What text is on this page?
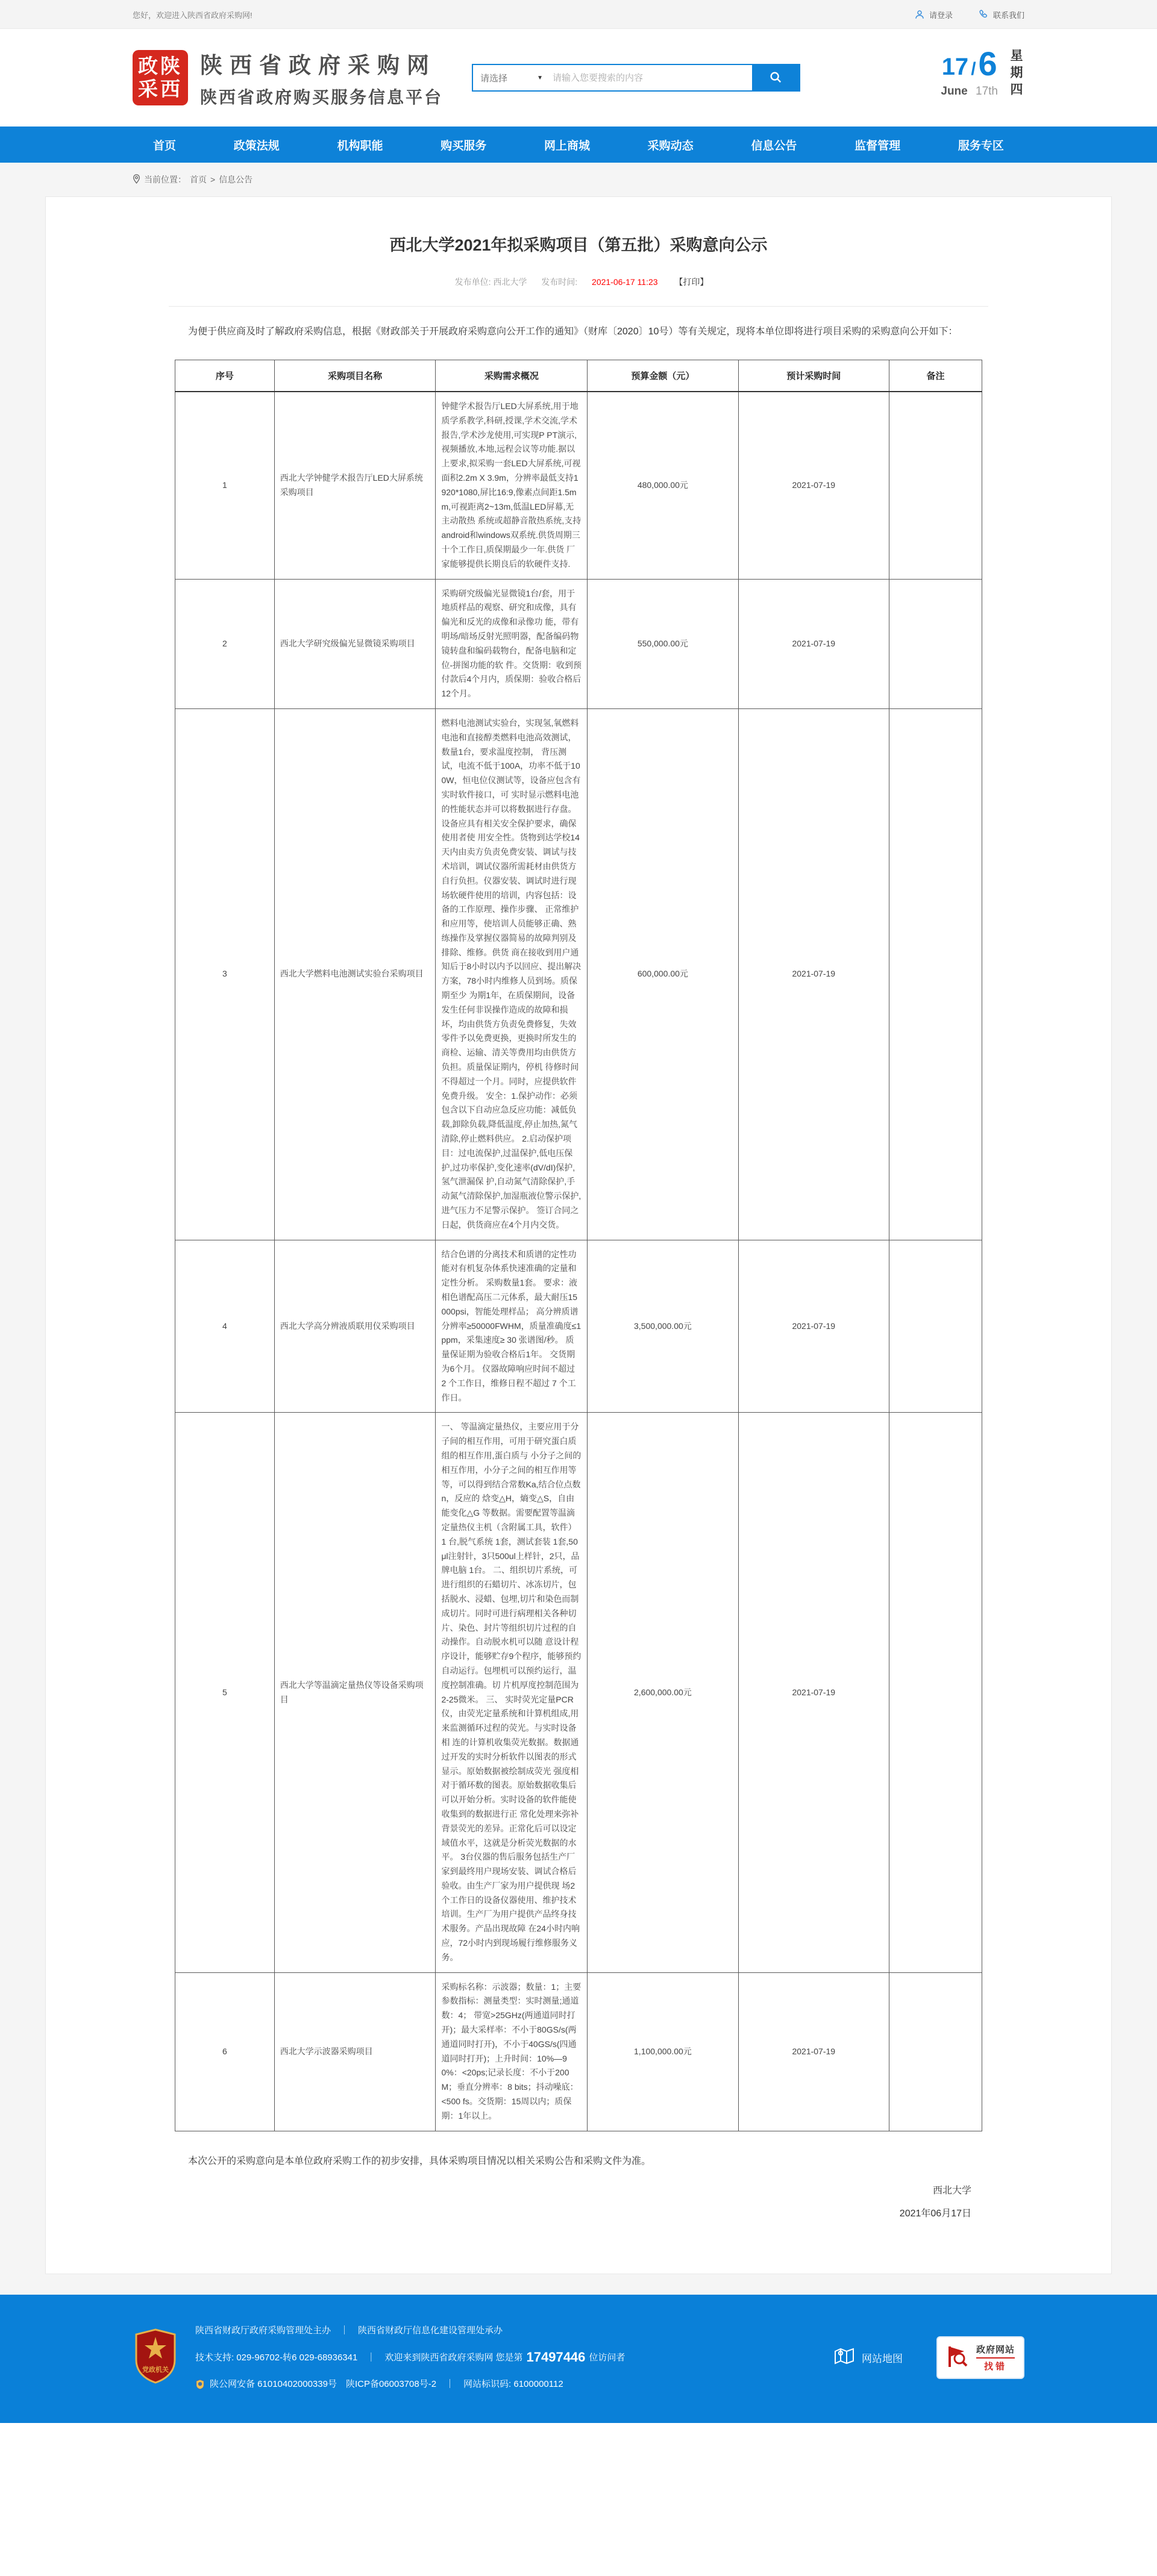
您好，欢迎进入陕西省政府采购网!	请登录	联系我们
政陕
采西
陕西省政府采购网
陕西省政府购买服务信息平台
请选择	▼
请输入您要搜索的内容	17 / 6
June 17th 星期四
首页	政策法规	机构职能	购买服务	网上商城	采购动态	信息公告	监督管理	服务专区
当前位置： 首页 > 信息公告
西北大学2021年拟采购项目（第五批）采购意向公示
发布单位: 西北大学 发布时间: 2021-06-17 11:23 【打印】

为便于供应商及时了解政府采购信息，根据《财政部关于开展政府采购意向公开工作的通知》（财库〔2020〕10号）等有关规定，现将本单位即将进行项目采购的采购意向公开如下：

序号	采购项目名称	采购需求概况	预算金额（元）	预计采购时间	备注
1	西北大学钟健学术报告厅LED大屏系统采购项目	钟健学术报告厅LED大屏系统,用于地质学系教学,科研,授课,学术交流,学术报告,学术沙龙使用,可实现P PT演示,视频播放,本地,远程会议等功能.据以上要求,拟采购一套LED大屏系统,可视面积2.2m X 3.9m，分辨率最低支持1920*1080,屏比16:9,像素点间距1.5mm,可视距离2~13m,低温LED屏幕,无主动散热 系统或超静音散热系统,支持android和windows双系统.供货周期三十个工作日,质保期最少一年.供货 厂家能够提供长期良后的软硬件支持.	480,000.00元	2021-07-19	
2	西北大学研究级偏光显微镜采购项目	采购研究级偏光显微镜1台/套，用于地质样品的观察、研究和成像，具有偏光和反光的成像和录像功 能，带有明场/暗场反射光照明器，配备编码物镜转盘和编码载物台，配备电脑和定位-拼图功能的软 件。交货期：收到预付款后4个月内，质保期：验收合格后12个月。	550,000.00元	2021-07-19	
3	西北大学燃料电池测试实验台采购项目	燃料电池测试实验台，实现氢,氧燃料电池和直接醇类燃料电池高效测试，数量1台，要求温度控制， 背压测试，电流不低于100A，功率不低于100W，恒电位仪测试等，设备应包含有实时软件接口，可 实时显示燃料电池的性能状态并可以将数据进行存盘。设备应具有相关安全保护要求，确保使用者使 用安全性。货物到达学校14天内由卖方负责免费安装、调试与技术培训，调试仪器所需耗材由供货方 自行负担。仪器安装、调试时进行现场软硬件使用的培训，内容包括：设备的工作原理、操作步骤、 正常维护和应用等，使培训人员能够正确、熟练操作及掌握仪器简易的故障判别及排除、维修。供货 商在接收到用户通知后于8小时以内予以回应、提出解决方案，78小时内维修人员到场。质保期至少 为期1年，在质保期间，设备发生任何非误操作造成的故障和损坏，均由供货方负责免费修复，失效 零件予以免费更换，更换时所发生的商检、运输、清关等费用均由供货方负担。质量保证期内，停机 待修时间不得超过一个月。同时，应提供软件免费升级。 安全：1.保护动作：必须包含以下自动应急反应功能：减低负载,卸除负载,降低温度,停止加热,氮气 清除,停止燃料供应。 2.启动保护项目：过电流保护,过温保护,低电压保护,过功率保护,变化速率(dV/dI)保护,氢气泄漏保 护,自动氮气清除保护,手动氮气清除保护,加湿瓶液位警示保护,进气压力不足警示保护。 签订合同之日起，供货商应在4个月内交货。	600,000.00元	2021-07-19	
4	西北大学高分辨液质联用仪采购项目	结合色谱的分离技术和质谱的定性功能对有机复杂体系快速准确的定量和定性分析。 采购数量1套。 要求：液相色谱配高压二元体系，最大耐压15000psi，智能处理样品； 高分辨质谱分辨率≥50000FWHM，质量准确度≤1ppm，采集速度≥ 30 张谱图/秒。 质量保证期为验收合格后1年。 交货期为6个月。 仪器故障响应时间不超过 2 个工作日，维修日程不超过 7 个工作日。	3,500,000.00元	2021-07-19	
5	西北大学等温滴定量热仪等设备采购项目	一、 等温滴定量热仪，主要应用于分子间的相互作用，可用于研究蛋白质组的相互作用,蛋白质与 小分子之间的相互作用，小分子之间的相互作用等等，可以得到结合常数Ka,结合位点数n，反应的 焓变△H，熵变△S，自由能变化△G 等数据。需要配置等温滴定量热仪主机（含附属工具，软件） 1 台,脱气系统 1套，测试套装 1套,50μl注射针，3只500ul上样针，2只，品牌电脑 1台。 二、组织切片系统，可进行组织的石蜡切片、冰冻切片，包括脱水、浸蜡、包埋,切片和染色而制 成切片。同时可进行病理相关各种切片、染色、封片等组织切片过程的自动操作。自动脱水机可以随 意设计程序设计，能够贮存9个程序，能够预约自动运行。包埋机可以预约运行，温度控制准确。切 片机厚度控制范围为2-25微米。 三、 实时荧光定量PCR仪，由荧光定量系统和计算机组成,用来监测循环过程的荧光。与实时设备相 连的计算机收集荧光数据。数据通过开发的实时分析软件以图表的形式显示。原始数据被绘制成荧光 强度相对于循环数的图表。原始数据收集后可以开始分析。实时设备的软件能使收集到的数据进行正 常化处理来弥补背景荧光的差异。正常化后可以设定域值水平，这就是分析荧光数据的水平。 3台仪器的售后服务包括生产厂家到最终用户现场安装、调试合格后验收。由生产厂家为用户提供现 场2个工作日的设备仪器使用、维护技术培训。生产厂为用户提供产品终身技术服务。产品出现故障 在24小时内响应，72小时内到现场履行维修服务义务。	2,600,000.00元	2021-07-19	
6	西北大学示波器采购项目	采购标名称：示波器；数量：1；主要参数指标：测量类型：实时测量;通道数：4； 带宽>25GHz(两通道同时打开)；最大采样率：不小于80GS/s(两通道同时打开)，不小于40GS/s(四通道同时打开)；上升时间：10%—90%：<20ps;记录长度：不小于200 M；垂直分辨率：8 bits；抖动噪底：<500 fs。交货期：15周以内；质保期：1年以上。	1,100,000.00元	2021-07-19	

本次公开的采购意向是本单位政府采购工作的初步安排，具体采购项目情况以相关采购公告和采购文件为准。

西北大学
2021年06月17日
党政机关
陕西省财政厅政府采购管理处主办　｜　陕西省财政厅信息化建设管理处承办
技术支持: 029-96702-转6 029-68936341　｜　欢迎来到陕西省政府采购网 您是第 17497446 位访问者
陕公网安备 61010402000339号　陕ICP备06003708号-2　｜　网站标识码: 6100000112
网站地图
政府网站
找错
